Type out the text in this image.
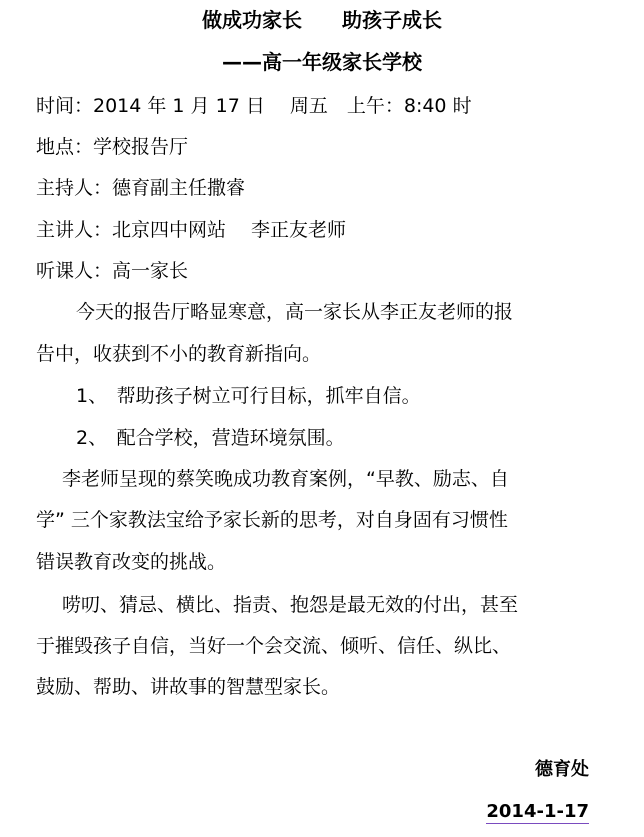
做成功家长　　助孩子成长
——高一年级家长学校
时间：2014 年 1 月 17 日　 周五　上午：8:40 时
地点：学校报告厅
主持人：德育副主任撒睿
主讲人：北京四中网站　 李正友老师
听课人：高一家长
今天的报告厅略显寒意，高一家长从李正友老师的报
告中，收获到不小的教育新指向。
1、　帮助孩子树立可行目标，抓牢自信。
2、　配合学校，营造环境氛围。
李老师呈现的蔡笑晚成功教育案例，“早教、励志、自
学” 三个家教法宝给予家长新的思考，对自身固有习惯性
错误教育改变的挑战。
唠叨、猜忌、横比、指责、抱怨是最无效的付出，甚至
于摧毁孩子自信，当好一个会交流、倾听、信任、纵比、
鼓励、帮助、讲故事的智慧型家长。
德育处
2014-1-17
